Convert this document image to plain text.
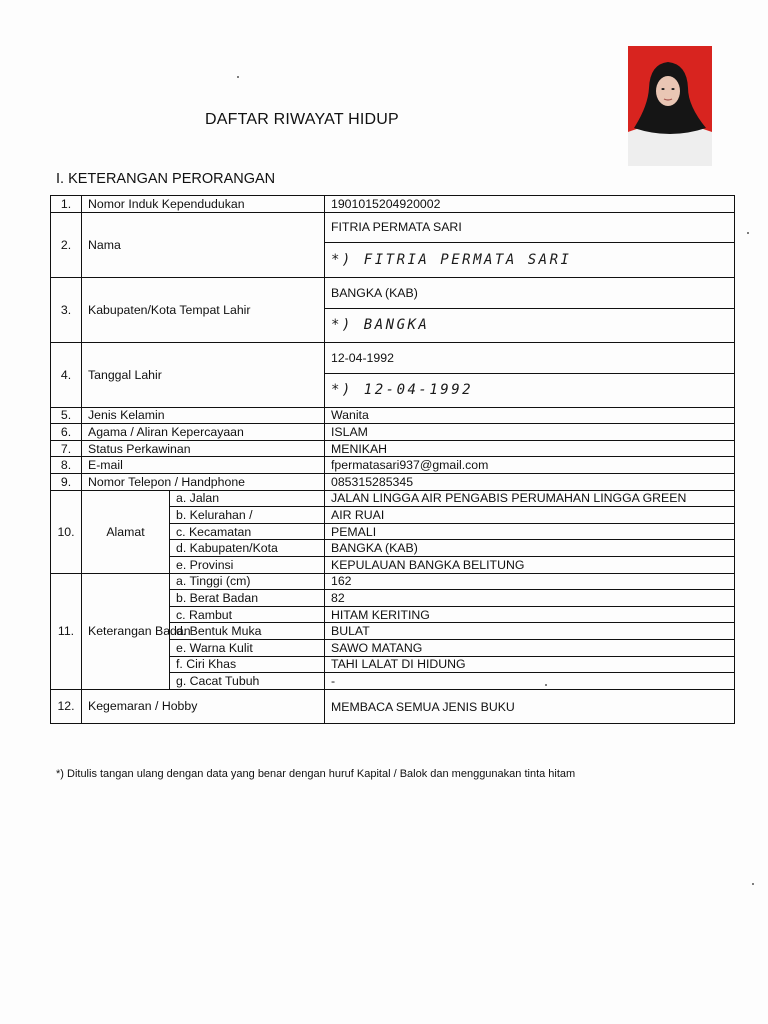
DAFTAR RIWAYAT HIDUP
I. KETERANGAN PERORANGAN
1.	Nomor Induk Kependudukan		1901015204920002
2.	Nama		FITRIA PERMATA SARI
			*) FITRIA PERMATA SARI
3.	Kabupaten/Kota Tempat Lahir		BANGKA (KAB)
			*) BANGKA
4.	Tanggal Lahir		12-04-1992
			*) 12-04-1992
5.	Jenis Kelamin		Wanita
6.	Agama / Aliran Kepercayaan		ISLAM
7.	Status Perkawinan		MENIKAH
8.	E-mail		fpermatasari937@gmail.com
9.	Nomor Telepon / Handphone		085315285345
10.	Alamat	a. Jalan	JALAN LINGGA AIR PENGABIS PERUMAHAN LINGGA GREEN
		b. Kelurahan /	AIR RUAI
		c. Kecamatan	PEMALI
		d. Kabupaten/Kota	BANGKA (KAB)
		e. Provinsi	KEPULAUAN BANGKA BELITUNG
11.	Keterangan Badan	a. Tinggi (cm)	162
		b. Berat Badan	82
		c. Rambut	HITAM KERITING
		d. Bentuk Muka	BULAT
		e. Warna Kulit	SAWO MATANG
		f. Ciri Khas	TAHI LALAT DI HIDUNG
		g. Cacat Tubuh	-
12.	Kegemaran / Hobby		MEMBACA SEMUA JENIS BUKU
*) Ditulis tangan ulang dengan data yang benar dengan huruf Kapital / Balok dan menggunakan tinta hitam
